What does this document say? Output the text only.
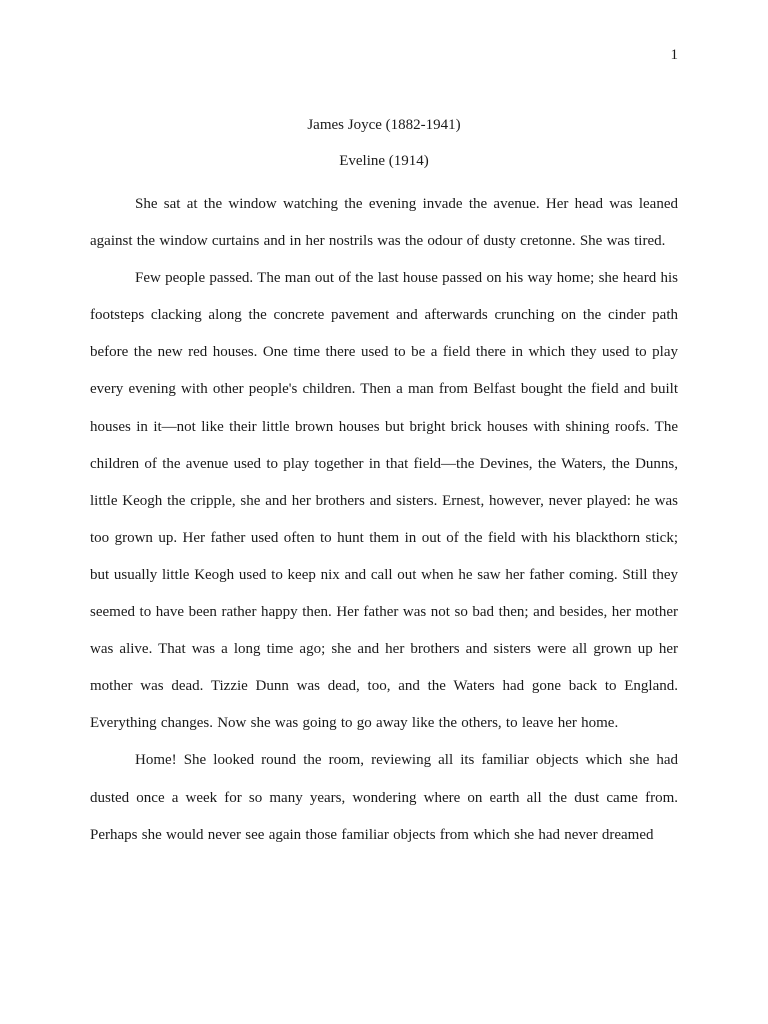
1
James Joyce (1882-1941)
Eveline (1914)

She sat at the window watching the evening invade the avenue. Her head was leaned against the window curtains and in her nostrils was the odour of dusty cretonne. She was tired.

Few people passed. The man out of the last house passed on his way home; she heard his footsteps clacking along the concrete pavement and afterwards crunching on the cinder path before the new red houses. One time there used to be a field there in which they used to play every evening with other people's children. Then a man from Belfast bought the field and built houses in it—not like their little brown houses but bright brick houses with shining roofs. The children of the avenue used to play together in that field—the Devines, the Waters, the Dunns, little Keogh the cripple, she and her brothers and sisters. Ernest, however, never played: he was too grown up. Her father used often to hunt them in out of the field with his blackthorn stick; but usually little Keogh used to keep nix and call out when he saw her father coming. Still they seemed to have been rather happy then. Her father was not so bad then; and besides, her mother was alive. That was a long time ago; she and her brothers and sisters were all grown up her mother was dead. Tizzie Dunn was dead, too, and the Waters had gone back to England. Everything changes. Now she was going to go away like the others, to leave her home.

Home! She looked round the room, reviewing all its familiar objects which she had dusted once a week for so many years, wondering where on earth all the dust came from. Perhaps she would never see again those familiar objects from which she had never dreamed
